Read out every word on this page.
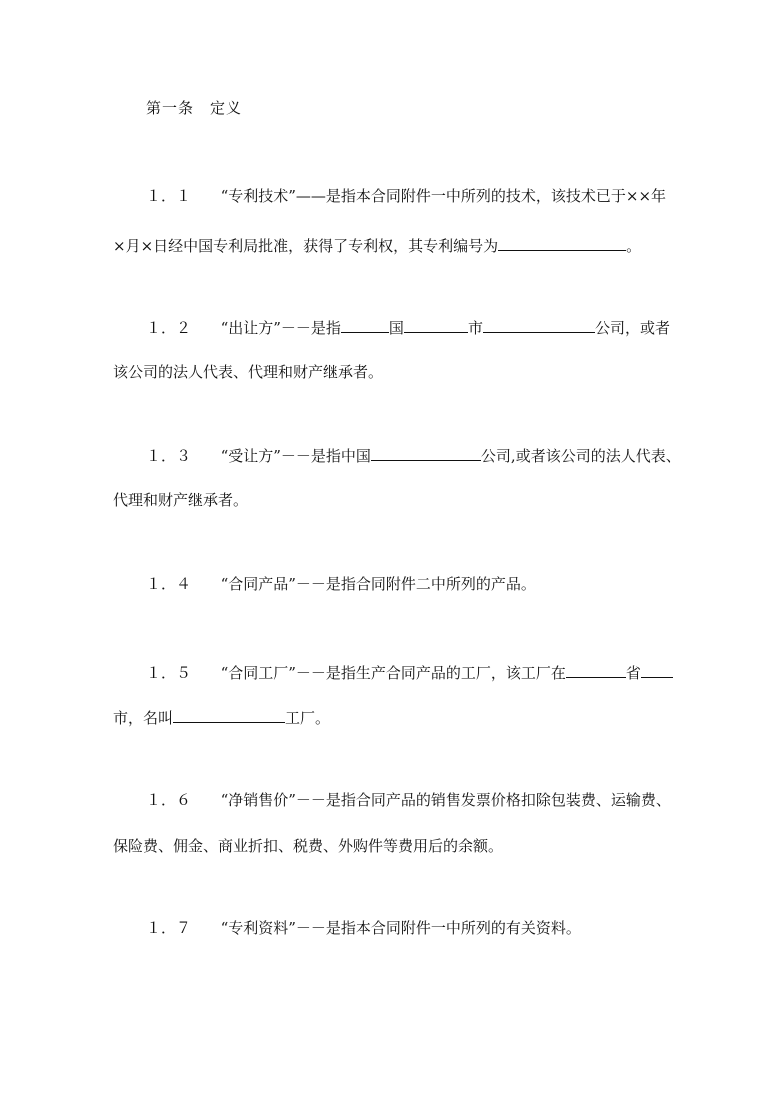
第一条　定义
１．１ “专利技术”——是指本合同附件一中所列的技术，该技术已于××年
×月×日经中国专利局批准，获得了专利权，其专利编号为	。
１．２ “出让方”－－是指	国	市	公司，或者
该公司的法人代表、代理和财产继承者。
１．３ “受让方”－－是指中国	公司,或者该公司的法人代表、
代理和财产继承者。
１．４ “合同产品”－－是指合同附件二中所列的产品。
１．５ “合同工厂”－－是指生产合同产品的工厂，该工厂在	省
市，名叫	工厂。
１．６ “净销售价”－－是指合同产品的销售发票价格扣除包装费、运输费、
保险费、佣金、商业折扣、税费、外购件等费用后的余额。
１．７ “专利资料”－－是指本合同附件一中所列的有关资料。
